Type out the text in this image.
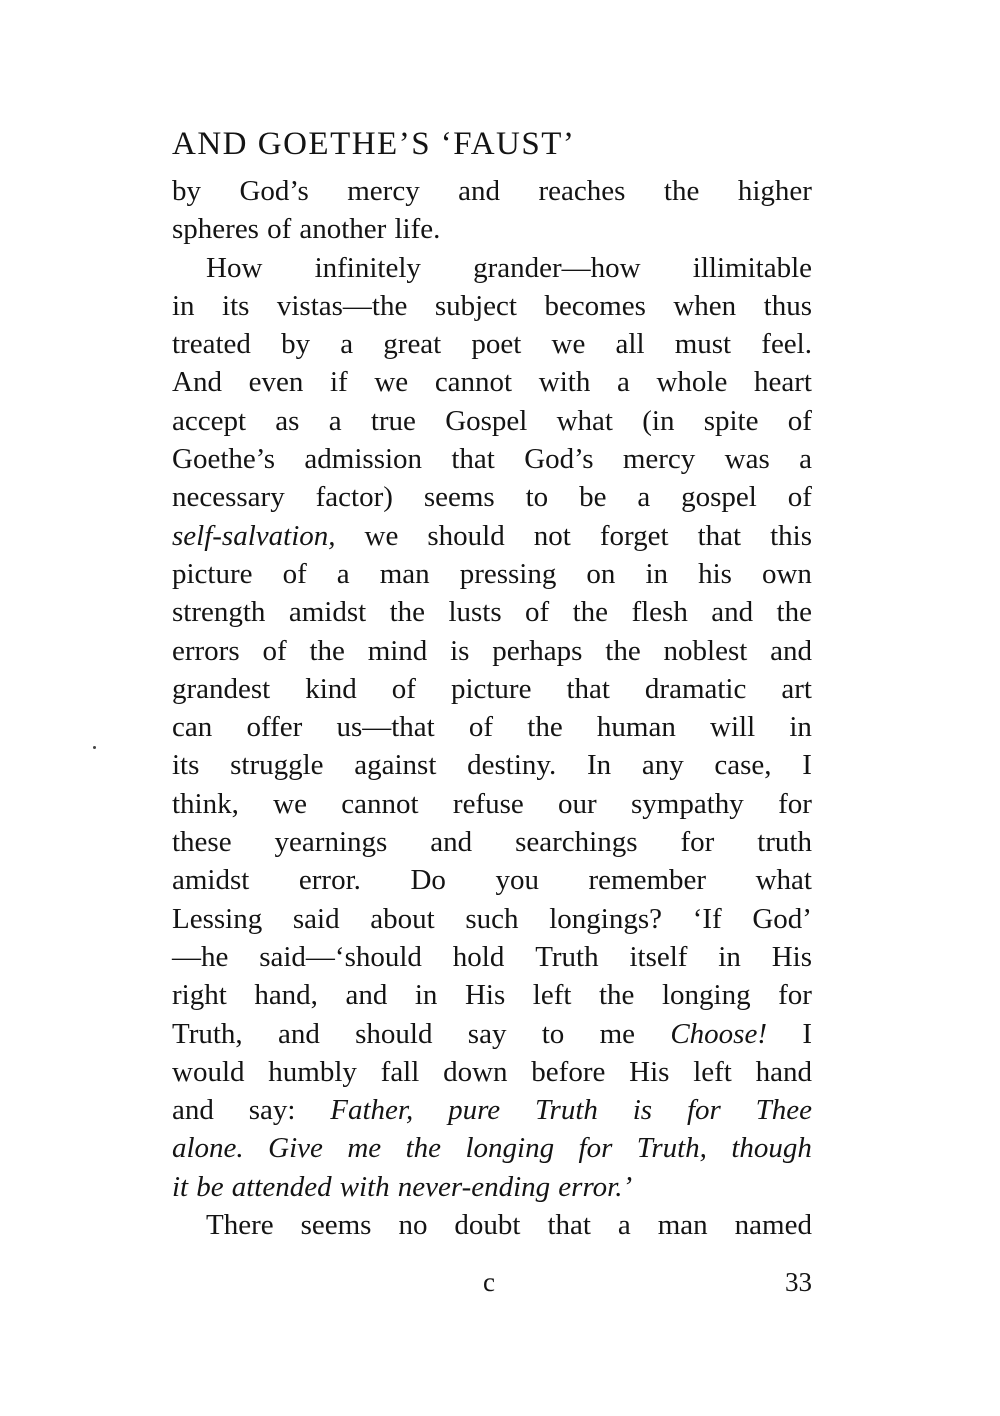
AND GOETHE’S ‘FAUST’
by God’s mercy and reaches the higher
spheres of another life.
How infinitely grander—how illimitable
in its vistas—the subject becomes when thus
treated by a great poet we all must feel.
And even if we cannot with a whole heart
accept as a true Gospel what (in spite of
Goethe’s admission that God’s mercy was a
necessary factor) seems to be a gospel of
self-salvation, we should not forget that this
picture of a man pressing on in his own
strength amidst the lusts of the flesh and the
errors of the mind is perhaps the noblest and
grandest kind of picture that dramatic art
can offer us—that of the human will in
its struggle against destiny. In any case, I
think, we cannot refuse our sympathy for
these yearnings and searchings for truth
amidst error. Do you remember what
Lessing said about such longings? ‘If God’
—he said—‘should hold Truth itself in His
right hand, and in His left the longing for
Truth, and should say to me Choose! I
would humbly fall down before His left hand
and say: Father, pure Truth is for Thee
alone. Give me the longing for Truth, though
it be attended with never-ending error.’
There seems no doubt that a man named
c	33
